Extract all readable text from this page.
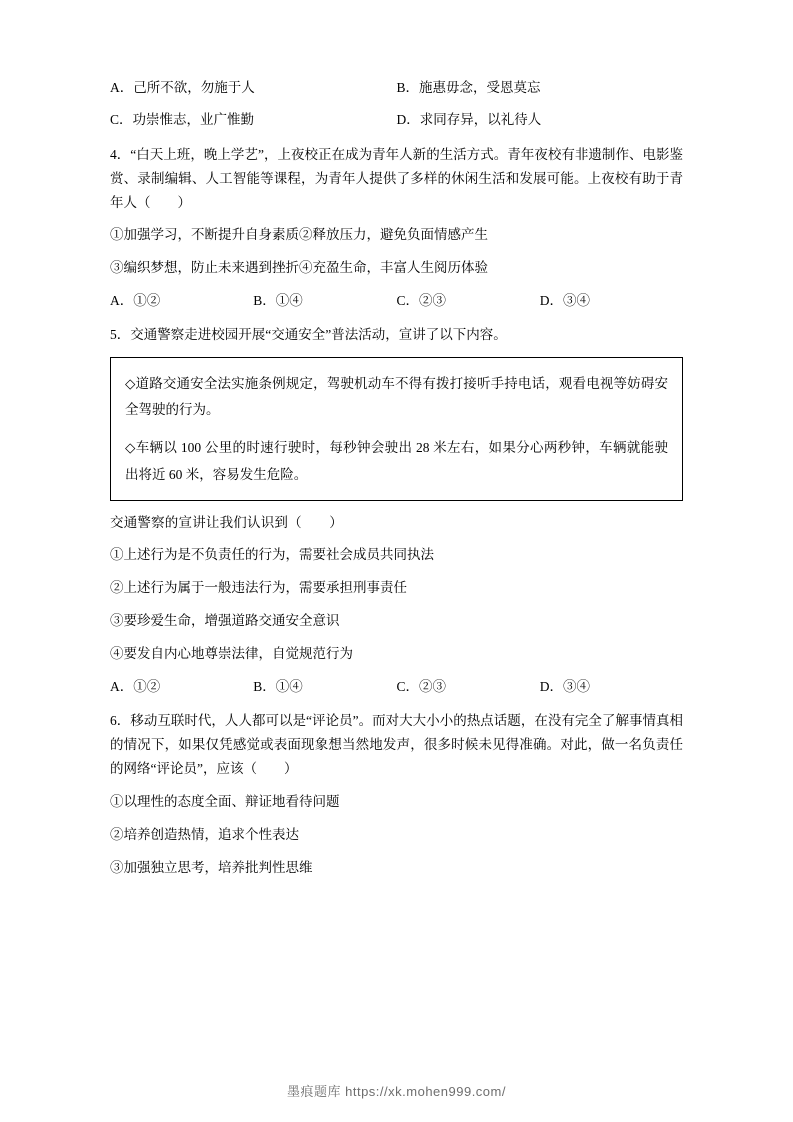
A．己所不欲，勿施于人	B．施惠毋念，受恩莫忘
C．功崇惟志，业广惟勤	D．求同存异，以礼待人
4．“白天上班，晚上学艺”，上夜校正在成为青年人新的生活方式。青年夜校有非遗制作、电影鉴赏、录制编辑、人工智能等课程，为青年人提供了多样的休闲生活和发展可能。上夜校有助于青年人（　　）
①加强学习，不断提升自身素质②释放压力，避免负面情感产生
③编织梦想，防止未来遇到挫折④充盈生命，丰富人生阅历体验
A．①②	B．①④	C．②③	D．③④
5．交通警察走进校园开展“交通安全”普法活动，宣讲了以下内容。

◇道路交通安全法实施条例规定，驾驶机动车不得有拨打接听手持电话，观看电视等妨碍安全驾驶的行为。

◇车辆以 100 公里的时速行驶时，每秒钟会驶出 28 米左右，如果分心两秒钟，车辆就能驶出将近 60 米，容易发生危险。

交通警察的宣讲让我们认识到（　　）
①上述行为是不负责任的行为，需要社会成员共同执法
②上述行为属于一般违法行为，需要承担刑事责任
③要珍爱生命，增强道路交通安全意识
④要发自内心地尊崇法律，自觉规范行为
A．①②	B．①④	C．②③	D．③④
6．移动互联时代，人人都可以是“评论员”。而对大大小小的热点话题，在没有完全了解事情真相的情况下，如果仅凭感觉或表面现象想当然地发声，很多时候未见得准确。对此，做一名负责任的网络“评论员”，应该（　　）
①以理性的态度全面、辩证地看待问题
②培养创造热情，追求个性表达
③加强独立思考，培养批判性思维
墨痕题库 https://xk.mohen999.com/
